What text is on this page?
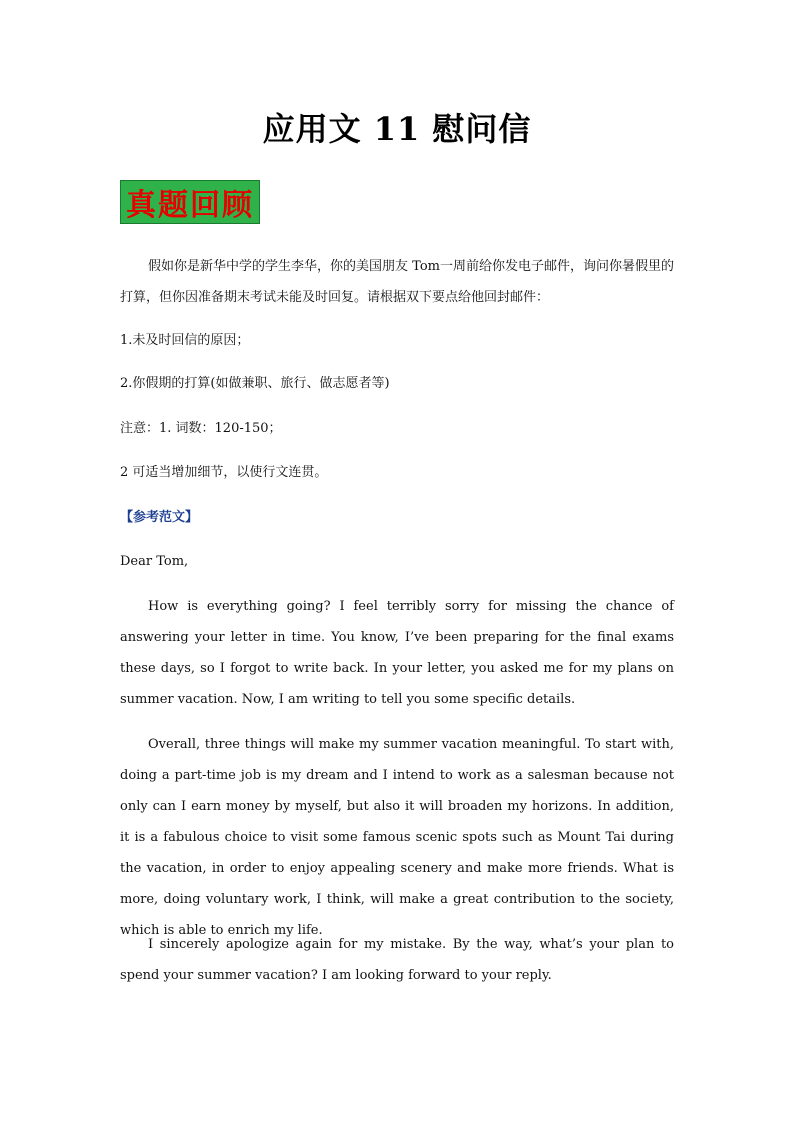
应用文 11 慰问信
真题回顾

假如你是新华中学的学生李华，你的美国朋友 Tom一周前给你发电子邮件，询问你暑假里的打算，但你因准备期末考试未能及时回复。请根据双下要点给他回封邮件：

1.未及时回信的原因；

2.你假期的打算(如做兼职、旅行、做志愿者等)

注意：1. 词数：120-150；

2 可适当增加细节，以使行文连贯。

【参考范文】

Dear Tom,

How is everything going? I feel terribly sorry for missing the chance of answering your letter in time. You know, I’ve been preparing for the final exams these days, so I forgot to write back. In your letter, you asked me for my plans on summer vacation. Now, I am writing to tell you some specific details.

Overall, three things will make my summer vacation meaningful. To start with, doing a part-time job is my dream and I intend to work as a salesman because not only can I earn money by myself, but also it will broaden my horizons. In addition, it is a fabulous choice to visit some famous scenic spots such as Mount Tai during the vacation, in order to enjoy appealing scenery and make more friends. What is more, doing voluntary work, I think, will make a great contribution to the society, which is able to enrich my life.

I sincerely apologize again for my mistake. By the way, what’s your plan to spend your summer vacation? I am looking forward to your reply.
